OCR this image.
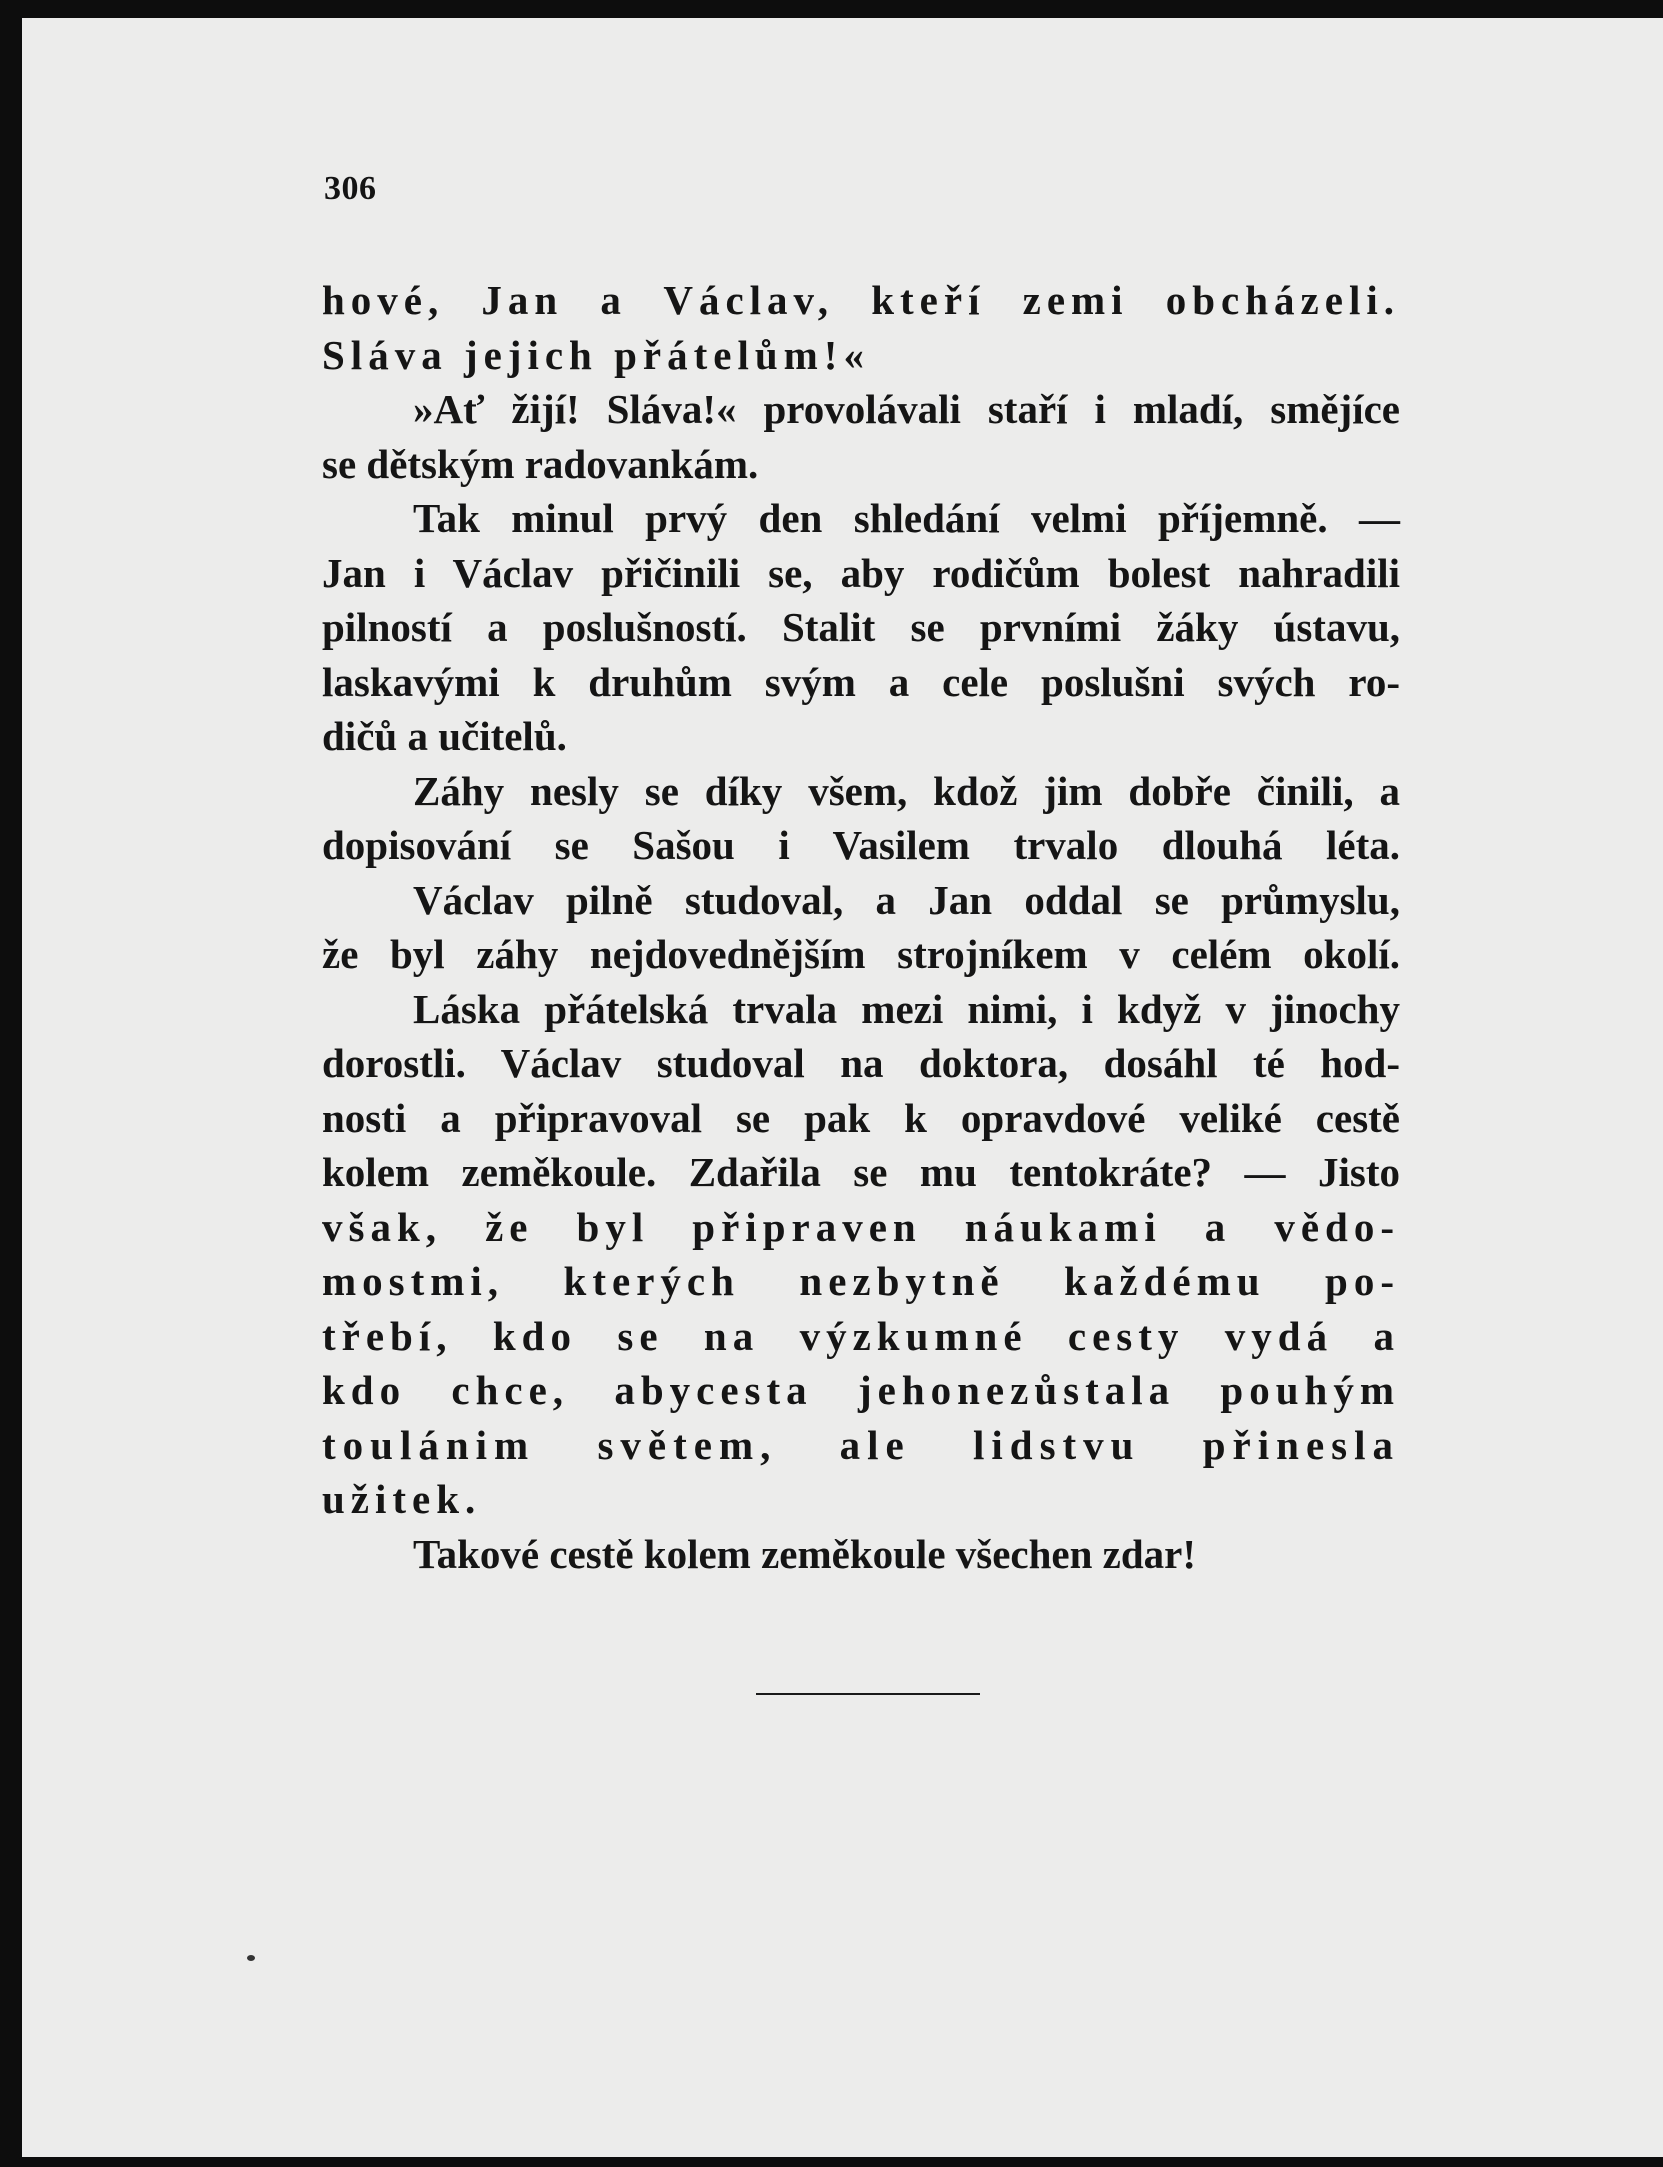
306
hové, Jan a Václav, kteří zemi obcházeli.
Sláva jejich přátelům!«
»Ať žijí! Sláva!« provolávali staří i mladí, smějíce
se dětským radovankám.
Tak minul prvý den shledání velmi příjemně. —
Jan i Václav přičinili se, aby rodičům bolest nahradili
pilností a poslušností. Stalit se prvními žáky ústavu,
laskavými k druhům svým a cele poslušni svých ro-
dičů a učitelů.
Záhy nesly se díky všem, kdož jim dobře činili, a
dopisování se Sašou i Vasilem trvalo dlouhá léta.
Václav pilně studoval, a Jan oddal se průmyslu,
že byl záhy nejdovednějším strojníkem v celém okolí.
Láska přátelská trvala mezi nimi, i když v jinochy
dorostli. Václav studoval na doktora, dosáhl té hod-
nosti a připravoval se pak k opravdové veliké cestě
kolem zeměkoule. Zdařila se mu tentokráte? — Jisto
však, že byl připraven náukami a vědo-
mostmi, kterých nezbytně každému po-
třebí, kdo se na výzkumné cesty vydá a
kdo chce, abycesta jehonezůstala pouhým
toulánim světem, ale lidstvu přinesla
užitek.
Takové cestě kolem zeměkoule všechen zdar!
